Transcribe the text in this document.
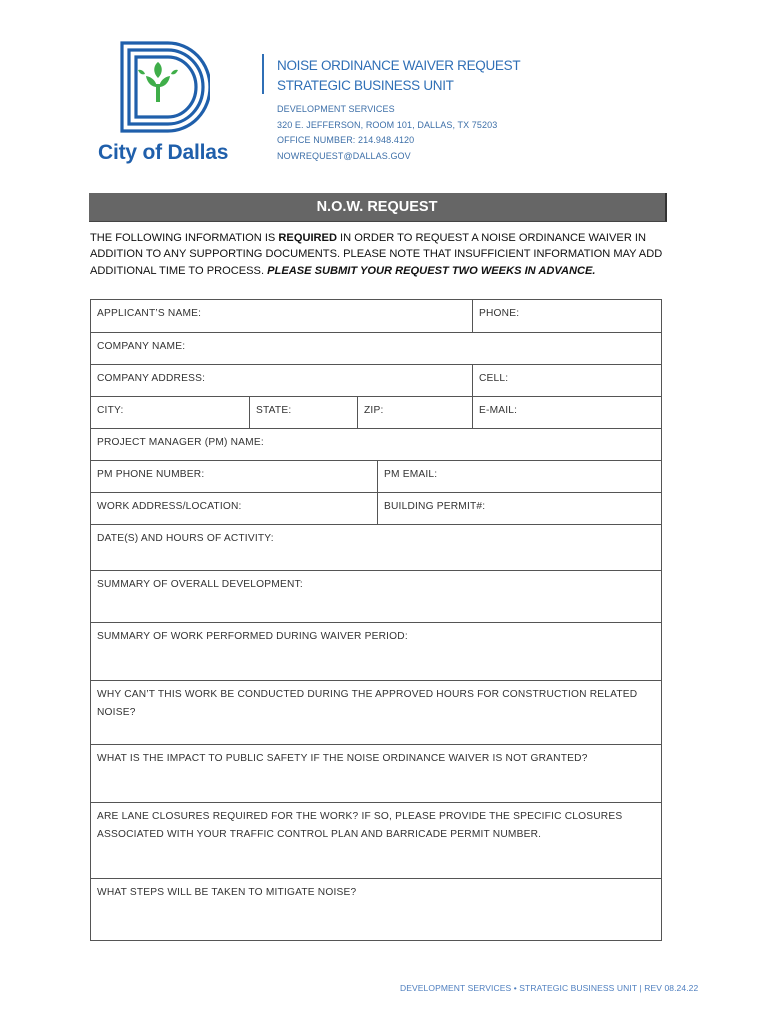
City of Dallas
NOISE ORDINANCE WAIVER REQUEST
STRATEGIC BUSINESS UNIT
DEVELOPMENT SERVICES
320 E. JEFFERSON, ROOM 101, DALLAS, TX 75203
OFFICE NUMBER: 214.948.4120
NOWREQUEST@DALLAS.GOV
N.O.W. REQUEST
THE FOLLOWING INFORMATION IS REQUIRED IN ORDER TO REQUEST A NOISE ORDINANCE WAIVER IN ADDITION TO ANY SUPPORTING DOCUMENTS. PLEASE NOTE THAT INSUFFICIENT INFORMATION MAY ADD ADDITIONAL TIME TO PROCESS. PLEASE SUBMIT YOUR REQUEST TWO WEEKS IN ADVANCE.
APPLICANT’S NAME:	PHONE:
COMPANY NAME:
COMPANY ADDRESS:	CELL:
CITY:	STATE:	ZIP:	E-MAIL:
PROJECT MANAGER (PM) NAME:
PM PHONE NUMBER:	PM EMAIL:
WORK ADDRESS/LOCATION:	BUILDING PERMIT#:
DATE(S) AND HOURS OF ACTIVITY:
SUMMARY OF OVERALL DEVELOPMENT:
SUMMARY OF WORK PERFORMED DURING WAIVER PERIOD:
WHY CAN’T THIS WORK BE CONDUCTED DURING THE APPROVED HOURS FOR CONSTRUCTION RELATED
NOISE?
WHAT IS THE IMPACT TO PUBLIC SAFETY IF THE NOISE ORDINANCE WAIVER IS NOT GRANTED?
ARE LANE CLOSURES REQUIRED FOR THE WORK? IF SO, PLEASE PROVIDE THE SPECIFIC CLOSURES
ASSOCIATED WITH YOUR TRAFFIC CONTROL PLAN AND BARRICADE PERMIT NUMBER.
WHAT STEPS WILL BE TAKEN TO MITIGATE NOISE?
DEVELOPMENT SERVICES • STRATEGIC BUSINESS UNIT | REV 08.24.22
